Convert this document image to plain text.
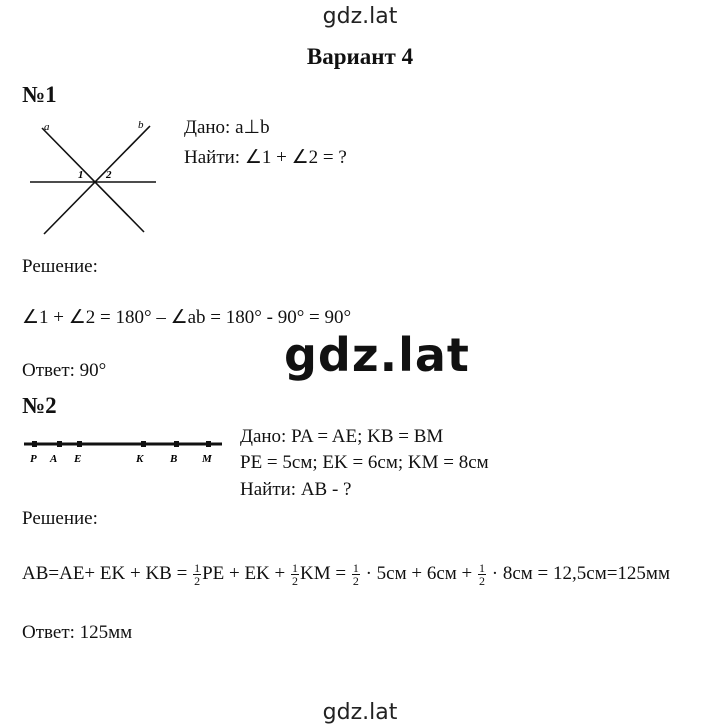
gdz.lat
Вариант 4
№1
a	b
1 2
Дано: a⊥b
Найти: ∠1 + ∠2 = ?
Решение:
∠1 + ∠2 = 180° – ∠ab = 180° - 90° = 90°
gdz.lat
Ответ: 90°
№2
P A E	K B M
Дано: PA = AE; KB = BM
PE = 5см; EK = 6см; KM = 8см
Найти: AB - ?
Решение:
AB=AE+ EK + KB = $\frac{1}{2}$ PE + EK + $\frac{1}{2}$ KM = $\frac{1}{2} \cdot 5см + 6см + \frac{1}{2} \cdot 8см = 12,5см=125мм$
Ответ: 125мм
gdz.lat
